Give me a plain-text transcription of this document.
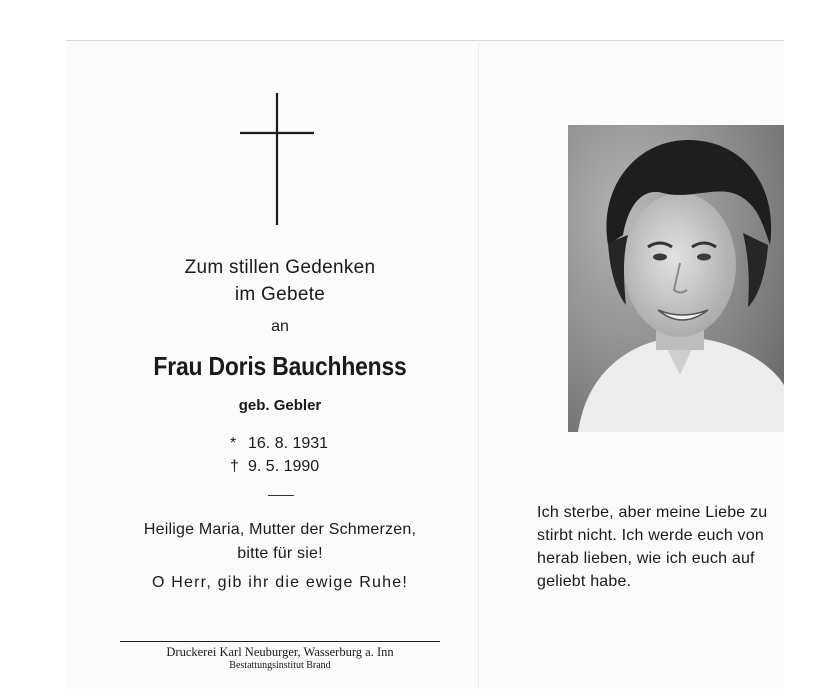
Zum stillen Gedenken
im Gebete
an
Frau Doris Bauchhenss
geb. Gebler
* 16. 8. 1931
† 9. 5. 1990
Heilige Maria, Mutter der Schmerzen,
bitte für sie!
O Herr, gib ihr die ewige Ruhe!
Druckerei Karl Neuburger, Wasserburg a. Inn
Bestattungsinstitut Brand
Ich sterbe, aber meine Liebe zu
stirbt nicht. Ich werde euch von
herab lieben, wie ich euch auf
geliebt habe.
